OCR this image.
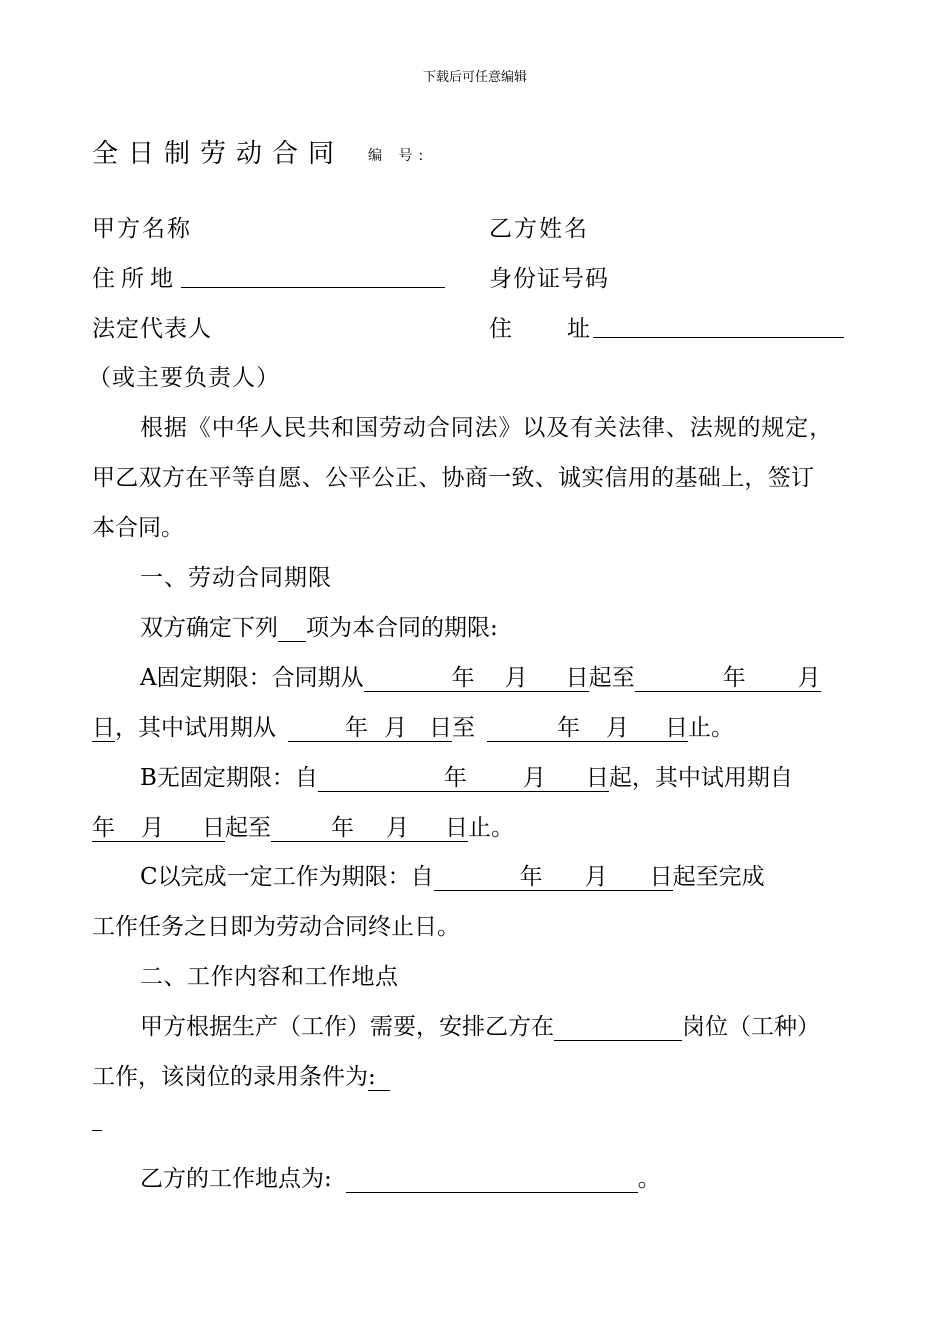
下载后可任意编辑
全日制劳动合同 编 号:
甲方名称	乙方姓名
住所地	身份证号码
法定代表人	住 址
（或主要负责人）
根据《中华人民共和国劳动合同法》以及有关法律、法规的规定，
甲乙双方在平等自愿、公平公正、协商一致、诚实信用的基础上，签订
本合同。
一、劳动合同期限
双方确定下列 项为本合同的期限:
A固定期限：合同期从	年 月 日起至	年 月
日，其中试用期从	年 月 日至	年 月 日止。
B无固定期限：自	年 月 日起，其中试用期自
年 月 日起至	年 月 日止。
C以完成一定工作为期限：自	年 月 日起至完成
工作任务之日即为劳动合同终止日。
二、工作内容和工作地点
甲方根据生产（工作）需要，安排乙方在	岗位（工种）
工作，该岗位的录用条件为:
乙方的工作地点为:	。
